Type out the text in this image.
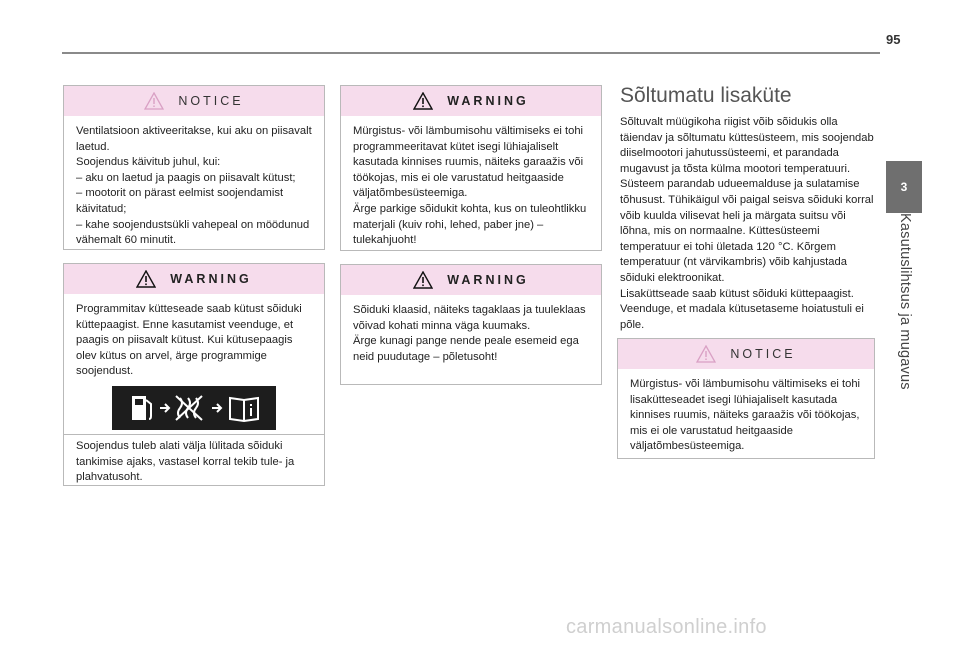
95
3
Kasutuslihtsus ja mugavus
NOTICE
Ventilatsioon aktiveeritakse, kui aku on piisavalt laetud.
Soojendus käivitub juhul, kui:
– aku on laetud ja paagis on piisavalt kütust;
– mootorit on pärast eelmist soojendamist käivitatud;
– kahe soojendustsükli vahepeal on möödunud vähemalt 60 minutit.
WARNING
Programmitav kütteseade saab kütust sõiduki küttepaagist. Enne kasutamist veenduge, et paagis on piisavalt kütust. Kui kütusepaagis olev kütus on arvel, ärge programmige soojendust.
Soojendus tuleb alati välja lülitada sõiduki tankimise ajaks, vastasel korral tekib tule- ja plahvatusoht.
WARNING
Mürgistus- või lämbumisohu vältimiseks ei tohi programmeeritavat kütet isegi lühiajaliselt kasutada kinnises ruumis, näiteks garaažis või töökojas, mis ei ole varustatud heitgaaside väljatõmbesüsteemiga.
Ärge parkige sõidukit kohta, kus on tuleohtlikku materjali (kuiv rohi, lehed, paber jne) – tulekahjuoht!
WARNING
Sõiduki klaasid, näiteks tagaklaas ja tuuleklaas võivad kohati minna väga kuumaks.
Ärge kunagi pange nende peale esemeid ega neid puudutage – põletusoht!
Sõltumatu lisaküte
Sõltuvalt müügikoha riigist võib sõidukis olla täiendav ja sõltumatu küttesüsteem, mis soojendab diiselmootori jahutussüsteemi, et parandada mugavust ja tõsta külma mootori temperatuuri. Süsteem parandab udueemalduse ja sulatamise tõhusust. Tühikäigul või paigal seisva sõiduki korral võib kuulda vilisevat heli ja märgata suitsu või lõhna, mis on normaalne. Küttesüsteemi temperatuur ei tohi ületada 120 °C. Kõrgem temperatuur (nt värvikambris) võib kahjustada sõiduki elektroonikat.
Lisaküttseade saab kütust sõiduki küttepaagist. Veenduge, et madala kütusetaseme hoiatustuli ei põle.
NOTICE
Mürgistus- või lämbumisohu vältimiseks ei tohi lisakütteseadet isegi lühiajaliselt kasutada kinnises ruumis, näiteks garaažis või töökojas, mis ei ole varustatud heitgaaside väljatõmbesüsteemiga.
carmanualsonline.info
